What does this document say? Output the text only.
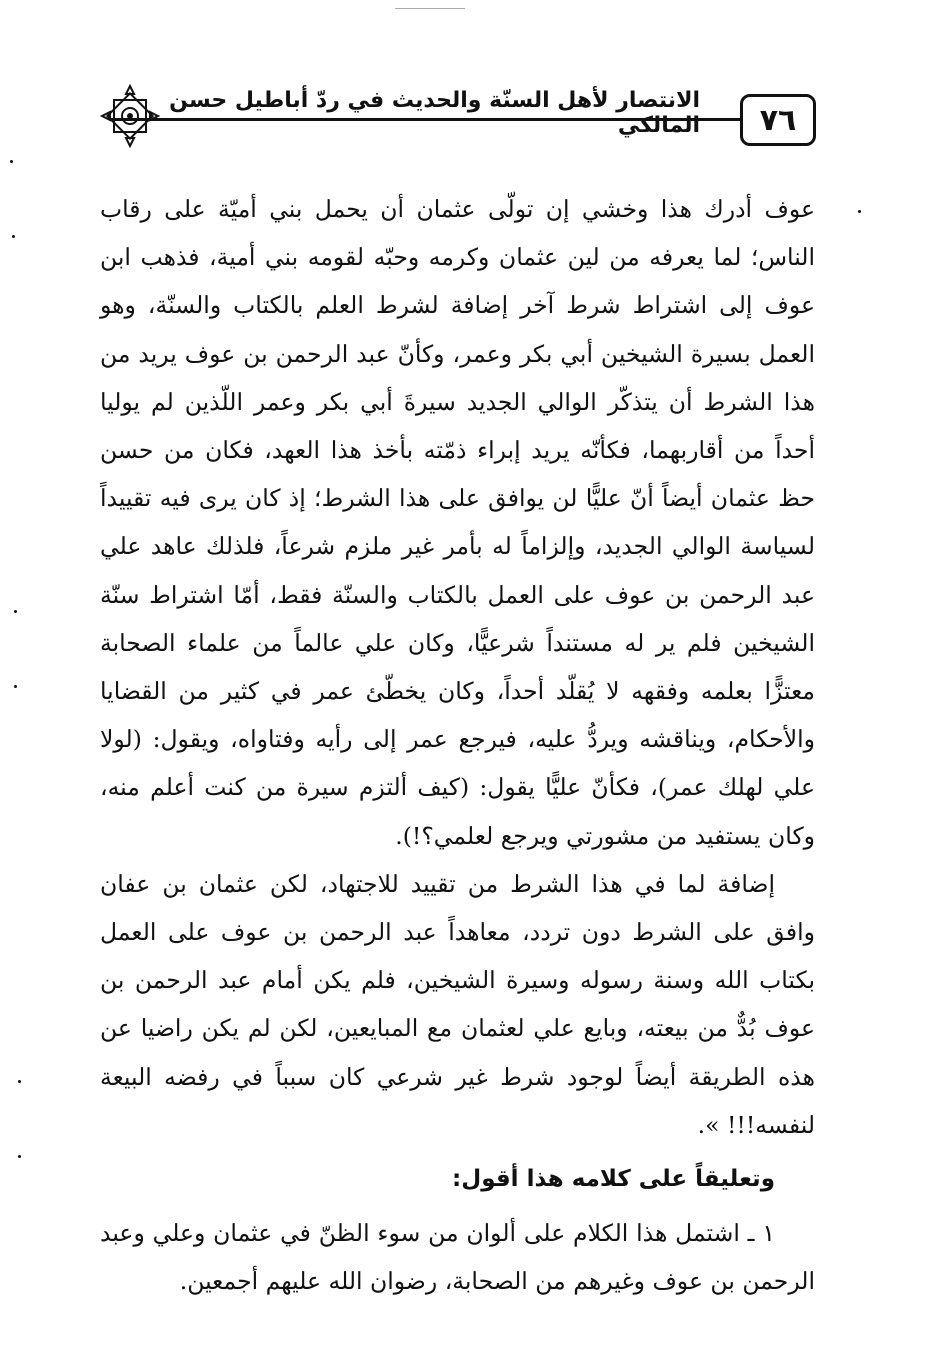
الانتصار لأهل السنّة والحديث في ردّ أباطيل حسن المالكي	٧٦

عوف أدرك هذا وخشي إن تولّى عثمان أن يحمل بني أميّة على رقاب الناس؛ لما يعرفه من لين عثمان وكرمه وحبّه لقومه بني أمية، فذهب ابن عوف إلى اشتراط شرط آخر إضافة لشرط العلم بالكتاب والسنّة، وهو العمل بسيرة الشيخين أبي بكر وعمر، وكأنّ عبد الرحمن بن عوف يريد من هذا الشرط أن يتذكّر الوالي الجديد سيرةَ أبي بكر وعمر اللّذين لم يوليا أحداً من أقاربهما، فكأنّه يريد إبراء ذمّته بأخذ هذا العهد، فكان من حسن حظ عثمان أيضاً أنّ عليًّا لن يوافق على هذا الشرط؛ إذ كان يرى فيه تقييداً لسياسة الوالي الجديد، وإلزاماً له بأمر غير ملزم شرعاً، فلذلك عاهد علي عبد الرحمن بن عوف على العمل بالكتاب والسنّة فقط، أمّا اشتراط سنّة الشيخين فلم ير له مستنداً شرعيًّا، وكان علي عالماً من علماء الصحابة معتزًّا بعلمه وفقهه لا يُقلّد أحداً، وكان يخطّئ عمر في كثير من القضايا والأحكام، ويناقشه ويردُّ عليه، فيرجع عمر إلى رأيه وفتاواه، ويقول: (لولا علي لهلك عمر)، فكأنّ عليًّا يقول: (كيف ألتزم سيرة من كنت أعلم منه، وكان يستفيد من مشورتي ويرجع لعلمي؟!).

إضافة لما في هذا الشرط من تقييد للاجتهاد، لكن عثمان بن عفان وافق على الشرط دون تردد، معاهداً عبد الرحمن بن عوف على العمل بكتاب الله وسنة رسوله وسيرة الشيخين، فلم يكن أمام عبد الرحمن بن عوف بُدٌّ من بيعته، وبايع علي لعثمان مع المبايعين، لكن لم يكن راضيا عن هذه الطريقة أيضاً لوجود شرط غير شرعي كان سبباً في رفضه البيعة لنفسه!!! ».

وتعليقاً على كلامه هذا أقول:

١ ـ اشتمل هذا الكلام على ألوان من سوء الظنّ في عثمان وعلي وعبد الرحمن بن عوف وغيرهم من الصحابة، رضوان الله عليهم أجمعين.
